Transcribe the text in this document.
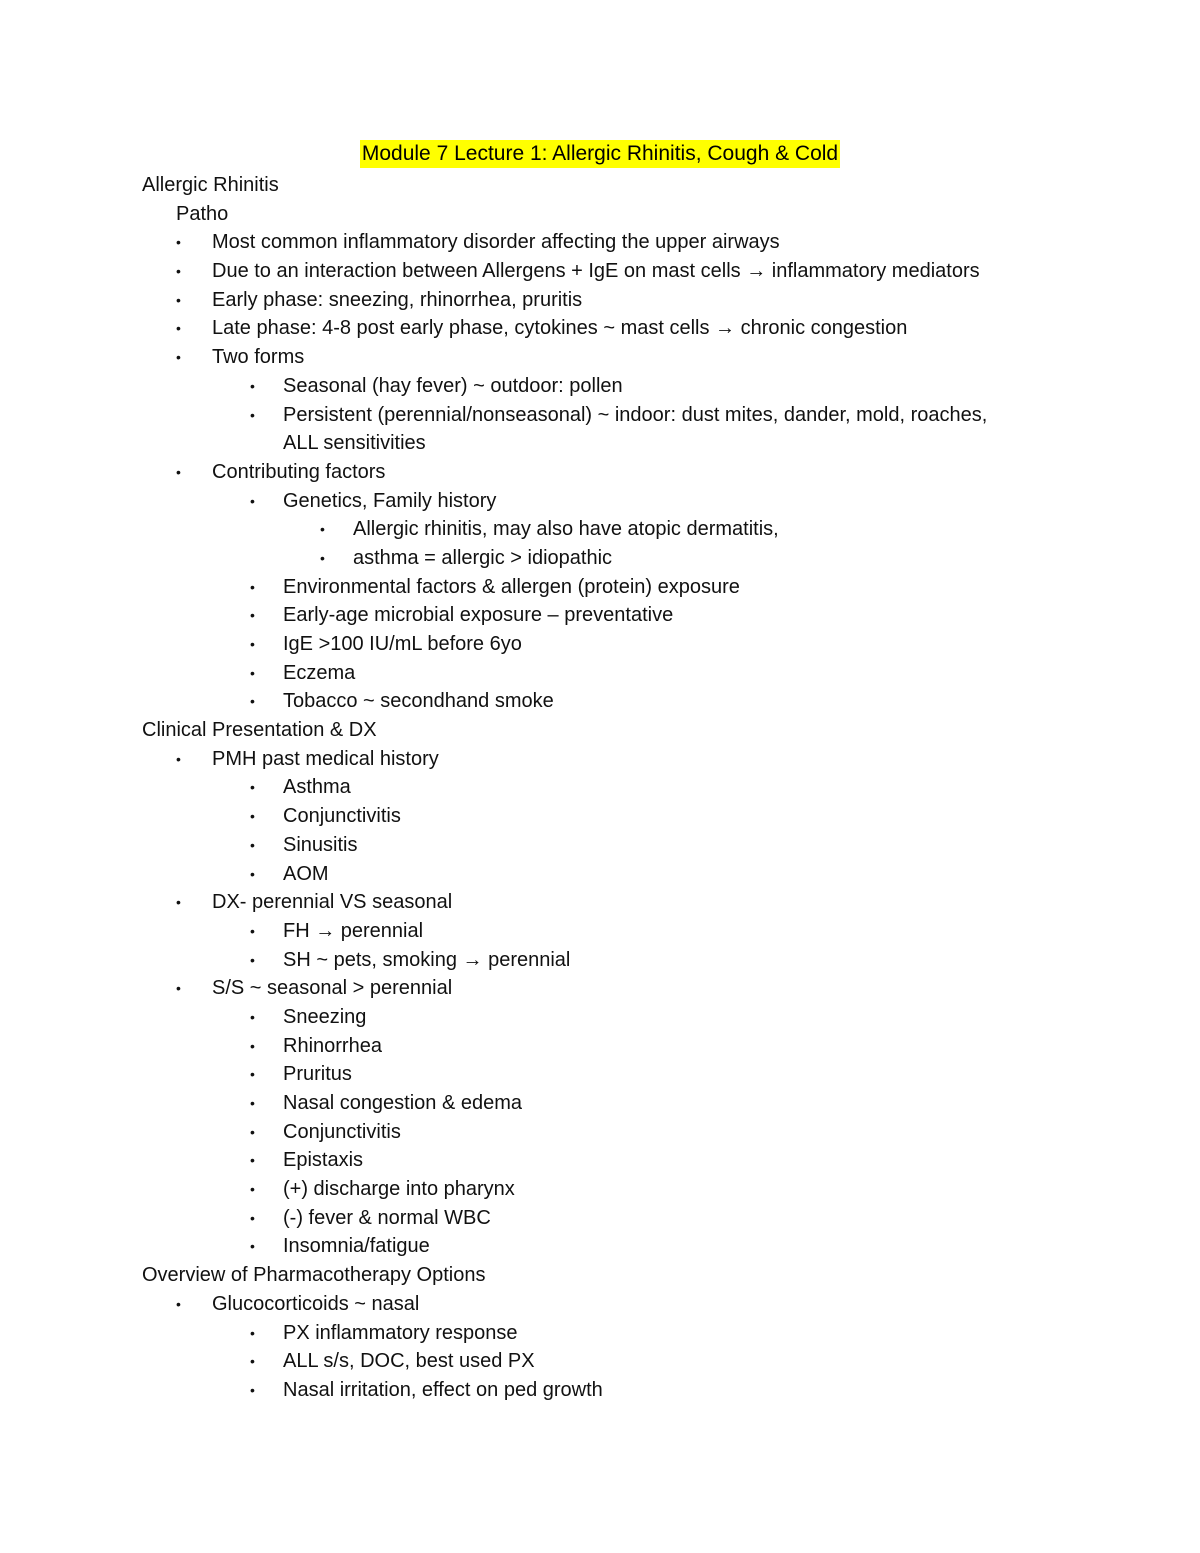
Module 7 Lecture 1: Allergic Rhinitis, Cough & Cold
Allergic Rhinitis
Patho
• Most common inflammatory disorder affecting the upper airways
• Due to an interaction between Allergens + IgE on mast cells → inflammatory mediators
• Early phase: sneezing, rhinorrhea, pruritis
• Late phase: 4-8 post early phase, cytokines ~ mast cells → chronic congestion
• Two forms
• Seasonal (hay fever) ~ outdoor: pollen
• Persistent (perennial/nonseasonal) ~ indoor: dust mites, dander, mold, roaches,
ALL sensitivities
• Contributing factors
• Genetics, Family history
• Allergic rhinitis, may also have atopic dermatitis,
• asthma = allergic > idiopathic
• Environmental factors & allergen (protein) exposure
• Early-age microbial exposure – preventative
• IgE >100 IU/mL before 6yo
• Eczema
• Tobacco ~ secondhand smoke
Clinical Presentation & DX
• PMH past medical history
• Asthma
• Conjunctivitis
• Sinusitis
• AOM
• DX- perennial VS seasonal
• FH → perennial
• SH ~ pets, smoking → perennial
• S/S ~ seasonal > perennial
• Sneezing
• Rhinorrhea
• Pruritus
• Nasal congestion & edema
• Conjunctivitis
• Epistaxis
• (+) discharge into pharynx
• (-) fever & normal WBC
• Insomnia/fatigue
Overview of Pharmacotherapy Options
• Glucocorticoids ~ nasal
• PX inflammatory response
• ALL s/s, DOC, best used PX
• Nasal irritation, effect on ped growth
